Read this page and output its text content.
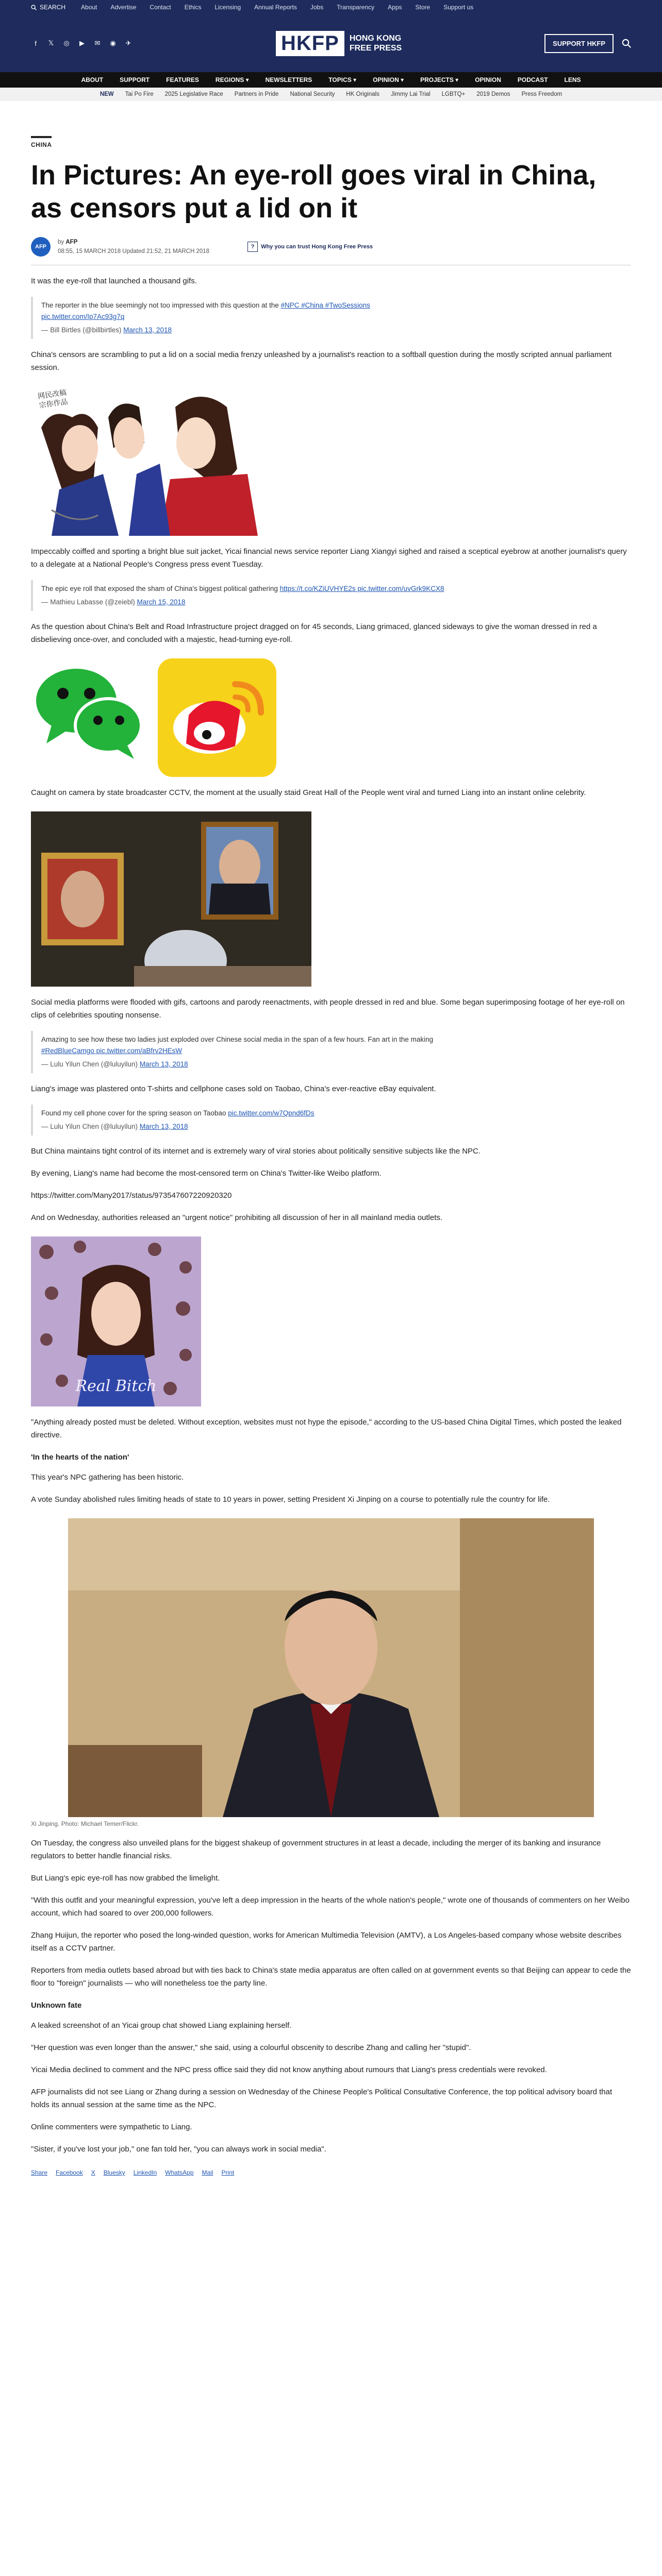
SEARCH	About Advertise Contact Ethics Licensing Annual Reports Jobs Transparency Apps Store Support us
f	𝕏 ◎	▶	✉ ◉ ✈	HKFP	HONG KONG
FREE PRESS
SUPPORT HKFP
ABOUT	SUPPORT	FEATURES	REGIONS ▾	NEWSLETTERS	TOPICS ▾	OPINION ▾	PROJECTS ▾	OPINION	PODCAST	LENS
NEW Tai Po Fire 2025 Legislative Race Partners in Pride National Security HK Originals Jimmy Lai Trial LGBTQ+ 2019 Demos Press Freedom
CHINA
In Pictures: An eye-roll goes viral in China, as censors put a lid on it
AFP
by AFP
08:55, 15 MARCH 2018 Updated 21:52, 21 MARCH 2018
?	Why you can trust Hong Kong Free Press

It was the eye-roll that launched a thousand gifs.

The reporter in the blue seemingly not too impressed with this question at the #NPC #China #TwoSessions
pic.twitter.com/Ip7Ac93g7q
— Bill Birtles (@billbirtles) March 13, 2018

China's censors are scrambling to put a lid on a social media frenzy unleashed by a journalist's reaction to a softball question during the mostly scripted annual parliament session.

网民改稿宗你作品

Impeccably coiffed and sporting a bright blue suit jacket, Yicai financial news service reporter Liang Xiangyi sighed and raised a sceptical eyebrow at another journalist's query to a delegate at a National People's Congress press event Tuesday.

The epic eye roll that exposed the sham of China's biggest political gathering https://t.co/KZiUVHYE2s pic.twitter.com/uvGrk9KCX8
— Mathieu Labasse (@zeiebl) March 15, 2018

As the question about China's Belt and Road Infrastructure project dragged on for 45 seconds, Liang grimaced, glanced sideways to give the woman dressed in red a disbelieving once-over, and concluded with a majestic, head-turning eye-roll.

Caught on camera by state broadcaster CCTV, the moment at the usually staid Great Hall of the People went viral and turned Liang into an instant online celebrity.

Social media platforms were flooded with gifs, cartoons and parody reenactments, with people dressed in red and blue. Some began superimposing footage of her eye-roll on clips of celebrities spouting nonsense.

Amazing to see how these two ladies just exploded over Chinese social media in the span of a few hours. Fan art in the making
#RedBlueCamgo pic.twitter.com/aBfrv2HEsW
— Lulu Yilun Chen (@luluyilun) March 13, 2018

Liang's image was plastered onto T-shirts and cellphone cases sold on Taobao, China's ever-reactive eBay equivalent.

Found my cell phone cover for the spring season on Taobao pic.twitter.com/w7Qpnd6fDs
— Lulu Yilun Chen (@luluyilun) March 13, 2018

But China maintains tight control of its internet and is extremely wary of viral stories about politically sensitive subjects like the NPC.

By evening, Liang's name had become the most-censored term on China's Twitter-like Weibo platform.

https://twitter.com/Many2017/status/973547607220920320

And on Wednesday, authorities released an "urgent notice" prohibiting all discussion of her in all mainland media outlets.

Real Bitch

"Anything already posted must be deleted. Without exception, websites must not hype the episode," according to the US-based China Digital Times, which posted the leaked directive.

'In the hearts of the nation'

This year's NPC gathering has been historic.

A vote Sunday abolished rules limiting heads of state to 10 years in power, setting President Xi Jinping on a course to potentially rule the country for life.

Xi Jinping. Photo: Michael Temer/Flickr.

On Tuesday, the congress also unveiled plans for the biggest shakeup of government structures in at least a decade, including the merger of its banking and insurance regulators to better handle financial risks.

But Liang's epic eye-roll has now grabbed the limelight.

"With this outfit and your meaningful expression, you've left a deep impression in the hearts of the whole nation's people," wrote one of thousands of commenters on her Weibo account, which had soared to over 200,000 followers.

Zhang Huijun, the reporter who posed the long-winded question, works for American Multimedia Television (AMTV), a Los Angeles-based company whose website describes itself as a CCTV partner.

Reporters from media outlets based abroad but with ties back to China's state media apparatus are often called on at government events so that Beijing can appear to cede the floor to "foreign" journalists — who will nonetheless toe the party line.

Unknown fate

A leaked screenshot of an Yicai group chat showed Liang explaining herself.

"Her question was even longer than the answer," she said, using a colourful obscenity to describe Zhang and calling her "stupid".

Yicai Media declined to comment and the NPC press office said they did not know anything about rumours that Liang's press credentials were revoked.

AFP journalists did not see Liang or Zhang during a session on Wednesday of the Chinese People's Political Consultative Conference, the top political advisory board that holds its annual session at the same time as the NPC.

Online commenters were sympathetic to Liang.

"Sister, if you've lost your job," one fan told her, "you can always work in social media".

Share Facebook X Bluesky LinkedIn WhatsApp Mail Print
